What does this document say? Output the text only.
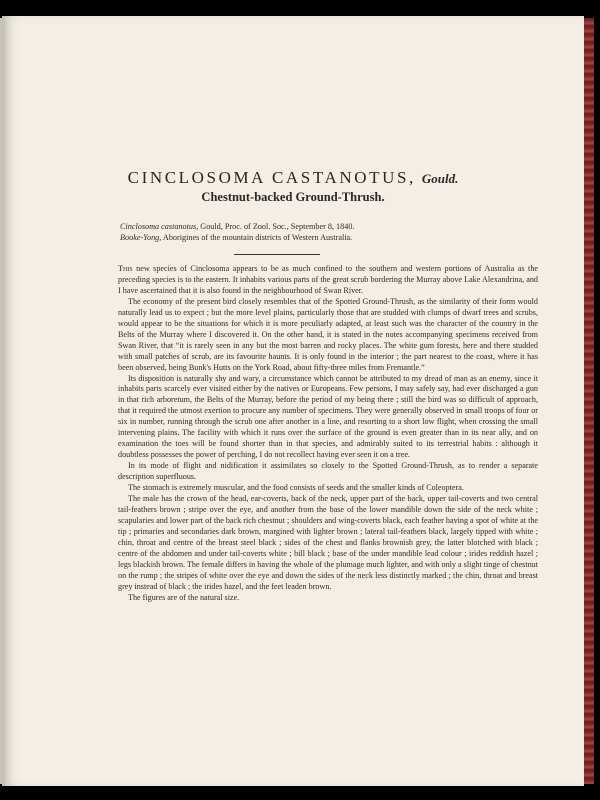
CINCLOSOMA CASTANOTUS, Gould.
Chestnut-backed Ground-Thrush.
Cinclosoma castanotus, Gould, Proc. of Zool. Soc., September 8, 1840.
Booke-Yong, Aborigines of the mountain districts of Western Australia.

This new species of Cinclosoma appears to be as much confined to the southern and western portions of Australia as the preceding species is to the eastern. It inhabits various parts of the great scrub bordering the Murray above Lake Alexandrina, and I have ascertained that it is also found in the neighbourhood of Swan River.

The economy of the present bird closely resembles that of the Spotted Ground-Thrush, as the similarity of their form would naturally lead us to expect ; but the more level plains, particularly those that are studded with clumps of dwarf trees and scrubs, would appear to be the situations for which it is more peculiarly adapted, at least such was the character of the country in the Belts of the Murray where I discovered it. On the other hand, it is stated in the notes accompanying specimens received from Swan River, that “it is rarely seen in any but the most barren and rocky places. The white gum forests, here and there studded with small patches of scrub, are its favourite haunts. It is only found in the interior ; the part nearest to the coast, where it has been observed, being Bunk's Hutts on the York Road, about fifty-three miles from Fremantle.”

Its disposition is naturally shy and wary, a circumstance which cannot be attributed to my dread of man as an enemy, since it inhabits parts scarcely ever visited either by the natives or Europeans. Few persons, I may safely say, had ever discharged a gun in that rich arboretum, the Belts of the Murray, before the period of my being there ; still the bird was so difficult of approach, that it required the utmost exertion to procure any number of specimens. They were generally observed in small troops of four or six in number, running through the scrub one after another in a line, and resorting to a short low flight, when crossing the small intervening plains. The facility with which it runs over the surface of the ground is even greater than in its near ally, and on examination the toes will be found shorter than in that species, and admirably suited to its terrestrial habits : although it doubtless possesses the power of perching, I do not recollect having ever seen it on a tree.

In its mode of flight and nidification it assimilates so closely to the Spotted Ground-Thrush, as to render a separate description superfluous.

The stomach is extremely muscular, and the food consists of seeds and the smaller kinds of Coleoptera.

The male has the crown of the head, ear-coverts, back of the neck, upper part of the back, upper tail-coverts and two central tail-feathers brown ; stripe over the eye, and another from the base of the lower mandible down the side of the neck white ; scapularies and lower part of the back rich chestnut ; shoulders and wing-coverts black, each feather having a spot of white at the tip ; primaries and secondaries dark brown, margined with lighter brown ; lateral tail-feathers black, largely tipped with white ; chin, throat and centre of the breast steel black ; sides of the chest and flanks brownish grey, the latter blotched with black ; centre of the abdomen and under tail-coverts white ; bill black ; base of the under mandible lead colour ; irides reddish hazel ; legs blackish brown. The female differs in having the whole of the plumage much lighter, and with only a slight tinge of chestnut on the rump ; the stripes of white over the eye and down the sides of the neck less distinctly marked ; the chin, throat and breast grey instead of black ; the irides hazel, and the feet leaden brown.

The figures are of the natural size.
